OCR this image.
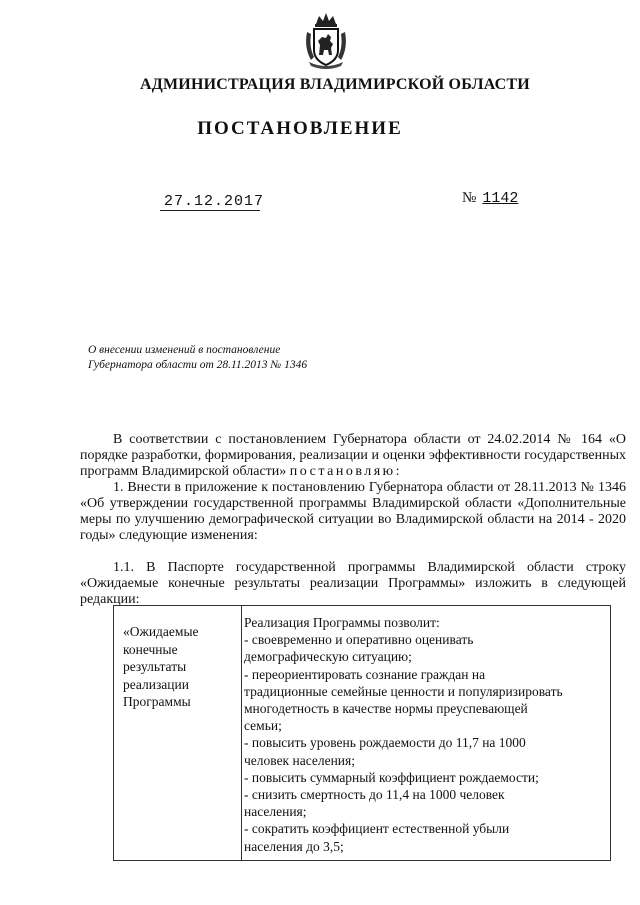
АДМИНИСТРАЦИЯ ВЛАДИМИРСКОЙ ОБЛАСТИ
ПОСТАНОВЛЕНИЕ
27.12.2017	№ 1142
О внесении изменений в постановление
Губернатора области от 28.11.2013 № 1346

В соответствии с постановлением Губернатора области от 24.02.2014 № 164 «О порядке разработки, формирования, реализации и оценки эффективности государственных программ Владимирской области» постановляю:

1. Внести в приложение к постановлению Губернатора области от 28.11.2013 № 1346 «Об утверждении государственной программы Владимирской области «Дополнительные меры по улучшению демографической ситуации во Владимирской области на 2014 - 2020 годы» следующие изменения:

1.1. В Паспорте государственной программы Владимирской области строку «Ожидаемые конечные результаты реализации Программы» изложить в следующей редакции:

«Ожидаемые
конечные
результаты
реализации
Программы
Реализация Программы позволит:
- своевременно и оперативно оценивать
демографическую ситуацию;
- переориентировать сознание граждан на
традиционные семейные ценности и популяризировать
многодетность в качестве нормы преуспевающей
семьи;
- повысить уровень рождаемости до 11,7 на 1000
человек населения;
- повысить суммарный коэффициент рождаемости;
- снизить смертность до 11,4 на 1000 человек
населения;
- сократить коэффициент естественной убыли
населения до 3,5;
